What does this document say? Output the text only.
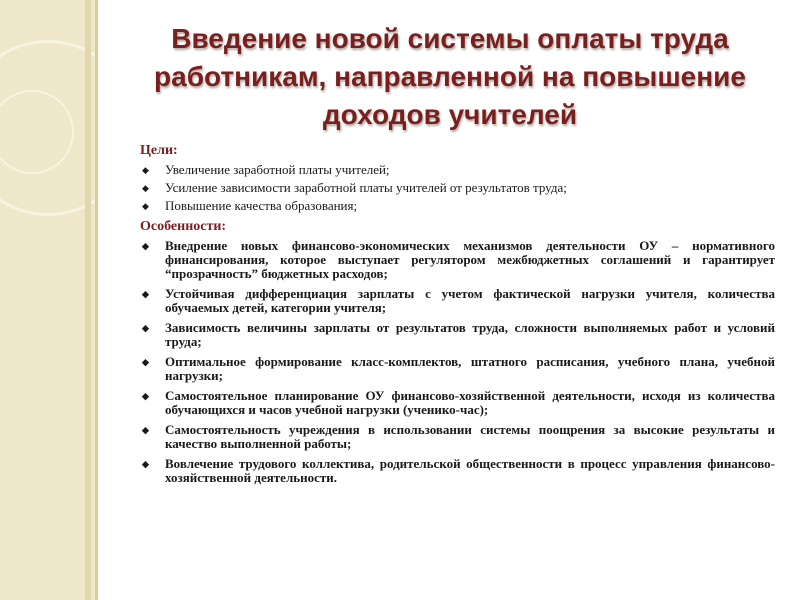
Введение новой системы оплаты труда работникам, направленной на повышение доходов учителей
Цели:
◆ Увеличение заработной платы учителей;
◆ Усиление зависимости заработной платы учителей от результатов труда;
◆ Повышение качества образования;
Особенности:
◆ Внедрение новых финансово-экономических механизмов деятельности ОУ – нормативного финансирования, которое выступает регулятором межбюджетных соглашений и гарантирует “прозрачность” бюджетных расходов;
◆ Устойчивая дифференциация зарплаты с учетом фактической нагрузки учителя, количества обучаемых детей, категории учителя;
◆ Зависимость величины зарплаты от результатов труда, сложности выполняемых работ и условий труда;
◆ Оптимальное формирование класс-комплектов, штатного расписания, учебного плана, учебной нагрузки;
◆ Самостоятельное планирование ОУ финансово-хозяйственной деятельности, исходя из количества обучающихся и часов учебной нагрузки (ученико-час);
◆ Самостоятельность учреждения в использовании системы поощрения за высокие результаты и качество выполненной работы;
◆ Вовлечение трудового коллектива, родительской общественности в процесс управления финансово-хозяйственной деятельности.
